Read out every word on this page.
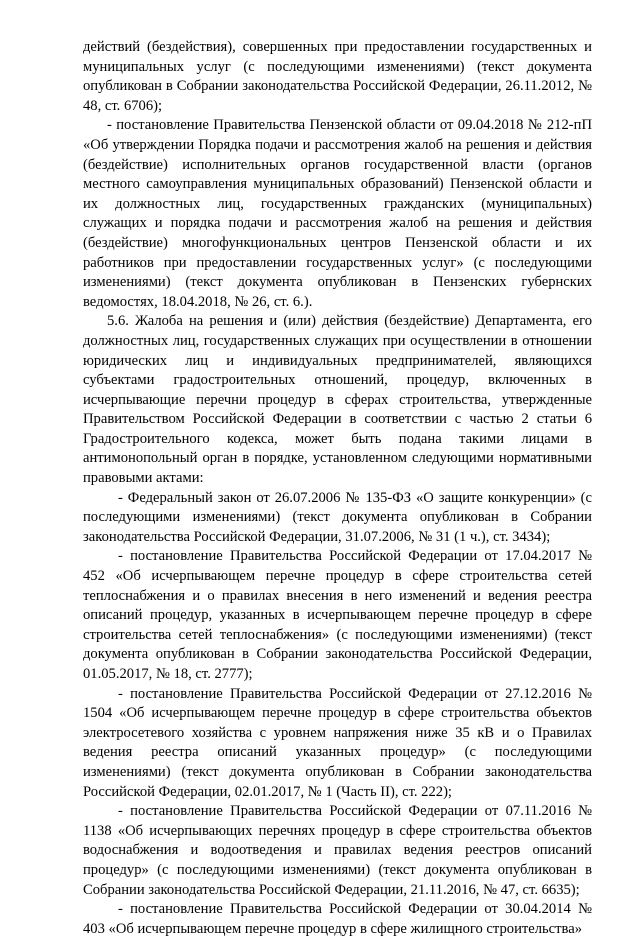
действий (бездействия), совершенных при предоставлении государственных и муниципальных услуг (с последующими изменениями) (текст документа опубликован в Собрании законодательства Российской Федерации, 26.11.2012, № 48, ст. 6706);

- постановление Правительства Пензенской области от 09.04.2018 № 212-пП «Об утверждении Порядка подачи и рассмотрения жалоб на решения и действия (бездействие) исполнительных органов государственной власти (органов местного самоуправления муниципальных образований) Пензенской области и их должностных лиц, государственных гражданских (муниципальных) служащих и порядка подачи и рассмотрения жалоб на решения и действия (бездействие) многофункциональных центров Пензенской области и их работников при предоставлении государственных услуг» (с последующими изменениями) (текст документа опубликован в Пензенских губернских ведомостях, 18.04.2018, № 26, ст. 6.).

5.6. Жалоба на решения и (или) действия (бездействие) Департамента, его должностных лиц, государственных служащих при осуществлении в отношении юридических лиц и индивидуальных предпринимателей, являющихся субъектами градостроительных отношений, процедур, включенных в исчерпывающие перечни процедур в сферах строительства, утвержденные Правительством Российской Федерации в соответствии с частью 2 статьи 6 Градостроительного кодекса, может быть подана такими лицами в антимонопольный орган в порядке, установленном следующими нормативными правовыми актами:

- Федеральный закон от 26.07.2006 № 135-ФЗ «О защите конкуренции» (с последующими изменениями) (текст документа опубликован в Собрании законодательства Российской Федерации, 31.07.2006, № 31 (1 ч.), ст. 3434);

- постановление Правительства Российской Федерации от 17.04.2017 № 452 «Об исчерпывающем перечне процедур в сфере строительства сетей теплоснабжения и о правилах внесения в него изменений и ведения реестра описаний процедур, указанных в исчерпывающем перечне процедур в сфере строительства сетей теплоснабжения» (с последующими изменениями) (текст документа опубликован в Собрании законодательства Российской Федерации, 01.05.2017, № 18, ст. 2777);

- постановление Правительства Российской Федерации от 27.12.2016 № 1504 «Об исчерпывающем перечне процедур в сфере строительства объектов электросетевого хозяйства с уровнем напряжения ниже 35 кВ и о Правилах ведения реестра описаний указанных процедур» (с последующими изменениями) (текст документа опубликован в Собрании законодательства Российской Федерации, 02.01.2017, № 1 (Часть II), ст. 222);

- постановление Правительства Российской Федерации от 07.11.2016 № 1138 «Об исчерпывающих перечнях процедур в сфере строительства объектов водоснабжения и водоотведения и правилах ведения реестров описаний процедур» (с последующими изменениями) (текст документа опубликован в Собрании законодательства Российской Федерации, 21.11.2016, № 47, ст. 6635);

- постановление Правительства Российской Федерации от 30.04.2014 № 403 «Об исчерпывающем перечне процедур в сфере жилищного строительства»
